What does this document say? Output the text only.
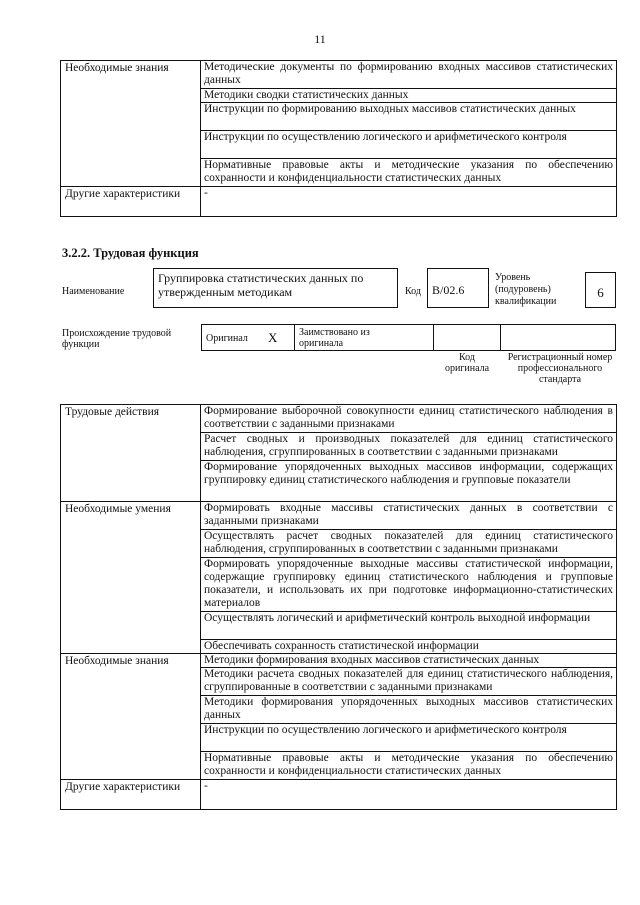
11
Необходимые знания	Методические документы по формированию входных массивов статистических данных
	Методики сводки статистических данных
	Инструкции по формированию выходных массивов статистических данных
	Инструкции по осуществлению логического и арифметического контроля
	Нормативные правовые акты и методические указания по обеспечению сохранности и конфиденциальности статистических данных
Другие характеристики	-
3.2.2. Трудовая функция
Наименование
Группировка статистических данных по утвержденным методикам	Код B/02.6
Уровень (подуровень) квалификации
6
Происхождение трудовой функции
Оригинал X Заимствовано из оригинала
Код оригинала
Регистрационный номер профессионального стандарта
Трудовые действия	Формирование выборочной совокупности единиц статистического наблюдения в соответствии с заданными признаками
	Расчет сводных и производных показателей для единиц статистического наблюдения, сгруппированных в соответствии с заданными признаками
	Формирование упорядоченных выходных массивов информации, содержащих группировку единиц статистического наблюдения и групповые показатели
Необходимые умения	Формировать входные массивы статистических данных в соответствии с заданными признаками
	Осуществлять расчет сводных показателей для единиц статистического наблюдения, сгруппированных в соответствии с заданными признаками
	Формировать упорядоченные выходные массивы статистической информации, содержащие группировку единиц статистического наблюдения и групповые показатели, и использовать их при подготовке информационно-статистических материалов
	Осуществлять логический и арифметический контроль выходной информации
	Обеспечивать сохранность статистической информации
Необходимые знания	Методики формирования входных массивов статистических данных
	Методики расчета сводных показателей для единиц статистического наблюдения, сгруппированные в соответствии с заданными признаками
	Методики формирования упорядоченных выходных массивов статистических данных
	Инструкции по осуществлению логического и арифметического контроля
	Нормативные правовые акты и методические указания по обеспечению сохранности и конфиденциальности статистических данных
Другие характеристики	-
